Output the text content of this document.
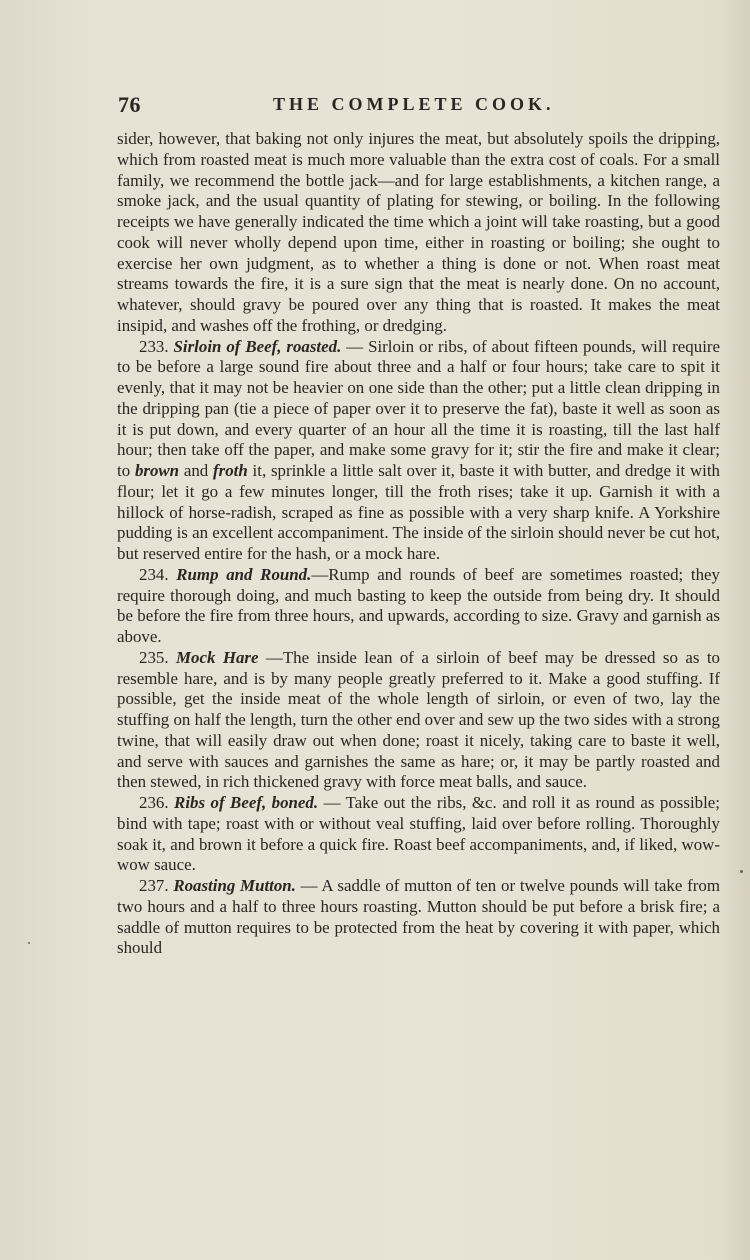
76	THE COMPLETE COOK.

sider, however, that baking not only injures the meat, but absolutely spoils the dripping, which from roasted meat is much more valuable than the extra cost of coals. For a small family, we recommend the bottle jack—and for large establishments, a kitchen range, a smoke jack, and the usual quantity of plating for stewing, or boiling. In the following receipts we have generally indicated the time which a joint will take roasting, but a good cook will never wholly depend upon time, either in roasting or boiling; she ought to exercise her own judgment, as to whether a thing is done or not. When roast meat streams towards the fire, it is a sure sign that the meat is nearly done. On no account, whatever, should gravy be poured over any thing that is roasted. It makes the meat insipid, and washes off the frothing, or dredging.

233. Sirloin of Beef, roasted. — Sirloin or ribs, of about fifteen pounds, will require to be before a large sound fire about three and a half or four hours; take care to spit it evenly, that it may not be heavier on one side than the other; put a little clean dripping in the dripping pan (tie a piece of paper over it to preserve the fat), baste it well as soon as it is put down, and every quarter of an hour all the time it is roasting, till the last half hour; then take off the paper, and make some gravy for it; stir the fire and make it clear; to brown and froth it, sprinkle a little salt over it, baste it with butter, and dredge it with flour; let it go a few minutes longer, till the froth rises; take it up. Garnish it with a hillock of horse-radish, scraped as fine as possible with a very sharp knife. A Yorkshire pudding is an excellent accompaniment. The inside of the sirloin should never be cut hot, but reserved entire for the hash, or a mock hare.

234. Rump and Round.—Rump and rounds of beef are sometimes roasted; they require thorough doing, and much basting to keep the outside from being dry. It should be before the fire from three hours, and upwards, according to size. Gravy and garnish as above.

235. Mock Hare —The inside lean of a sirloin of beef may be dressed so as to resemble hare, and is by many people greatly preferred to it. Make a good stuffing. If possible, get the inside meat of the whole length of sirloin, or even of two, lay the stuffing on half the length, turn the other end over and sew up the two sides with a strong twine, that will easily draw out when done; roast it nicely, taking care to baste it well, and serve with sauces and garnishes the same as hare; or, it may be partly roasted and then stewed, in rich thickened gravy with force meat balls, and sauce.

236. Ribs of Beef, boned. — Take out the ribs, &c. and roll it as round as possible; bind with tape; roast with or without veal stuffing, laid over before rolling. Thoroughly soak it, and brown it before a quick fire. Roast beef accompaniments, and, if liked, wow-wow sauce.

237. Roasting Mutton. — A saddle of mutton of ten or twelve pounds will take from two hours and a half to three hours roasting. Mutton should be put before a brisk fire; a saddle of mutton requires to be protected from the heat by covering it with paper, which should
